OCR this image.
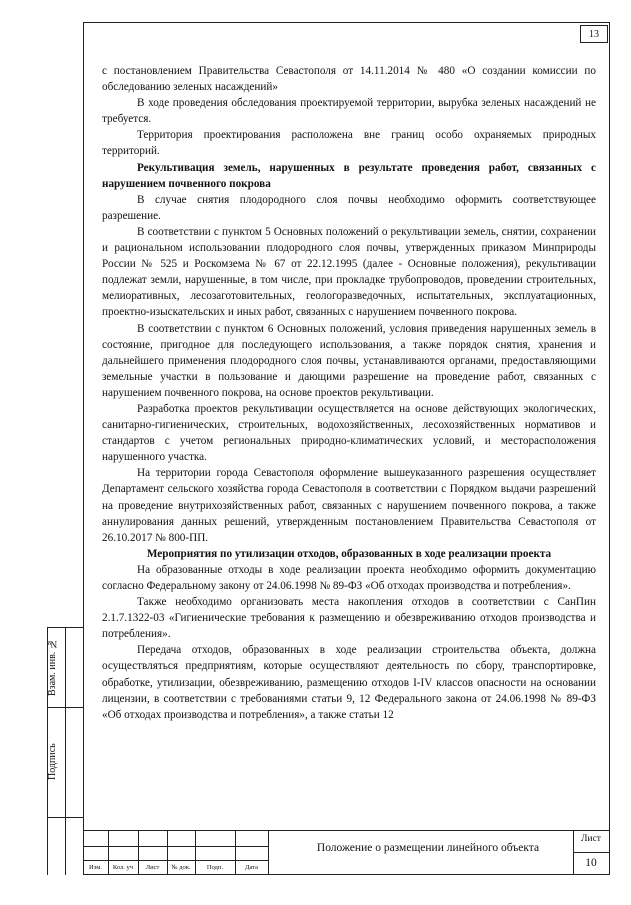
13

с постановлением Правительства Севастополя от 14.11.2014 № 480 «О создании комиссии по обследованию зеленых насаждений»

В ходе проведения обследования проектируемой территории, вырубка зеленых насаждений не требуется.

Территория проектирования расположена вне границ особо охраняемых природных территорий.

Рекультивация земель, нарушенных в результате проведения работ, связанных с нарушением почвенного покрова

В случае снятия плодородного слоя почвы необходимо оформить соответствующее разрешение.

В соответствии с пунктом 5 Основных положений о рекультивации земель, снятии, сохранении и рациональном использовании плодородного слоя почвы, утвержденных приказом Минприроды России № 525 и Роскомзема № 67 от 22.12.1995 (далее - Основные положения), рекультивации подлежат земли, нарушенные, в том числе, при прокладке трубопроводов, проведении строительных, мелиоративных, лесозаготовительных, геологоразведочных, испытательных, эксплуатационных, проектно-изыскательских и иных работ, связанных с нарушением почвенного покрова.

В соответствии с пунктом 6 Основных положений, условия приведения нарушенных земель в состояние, пригодное для последующего использования, а также порядок снятия, хранения и дальнейшего применения плодородного слоя почвы, устанавливаются органами, предоставляющими земельные участки в пользование и дающими разрешение на проведение работ, связанных с нарушением почвенного покрова, на основе проектов рекультивации.

Разработка проектов рекультивации осуществляется на основе действующих экологических, санитарно-гигиенических, строительных, водохозяйственных, лесохозяйственных нормативов и стандартов с учетом региональных природно-климатических условий, и месторасположения нарушенного участка.

На территории города Севастополя оформление вышеуказанного разрешения осуществляет Департамент сельского хозяйства города Севастополя в соответствии с Порядком выдачи разрешений на проведение внутрихозяйственных работ, связанных с нарушением почвенного покрова, а также аннулирования данных решений, утвержденным постановлением Правительства Севастополя от 26.10.2017 № 800-ПП.

Мероприятия по утилизации отходов, образованных в ходе реализации проекта

На образованные отходы в ходе реализации проекта необходимо оформить документацию согласно Федеральному закону от 24.06.1998 № 89-ФЗ «Об отходах производства и потребления».

Также необходимо организовать места накопления отходов в соответствии с СанПин 2.1.7.1322-03 «Гигиенические требования к размещению и обезвреживанию отходов производства и потребления».

Передача отходов, образованных в ходе реализации строительства объекта, должна осуществляться предприятиям, которые осуществляют деятельность по сбору, транспортировке, обработке, утилизации, обезвреживанию, размещению отходов I-IV классов опасности на основании лицензии, в соответствии с требованиями статьи 9, 12 Федерального закона от 24.06.1998 № 89-ФЗ «Об отходах производства и потребления», а также статьи 12

Взам. инв. №
Подпись
Изм.	Кол. уч	Лист	№ док.	Подп.	Дата
Положение о размещении линейного объекта
Лист
10
